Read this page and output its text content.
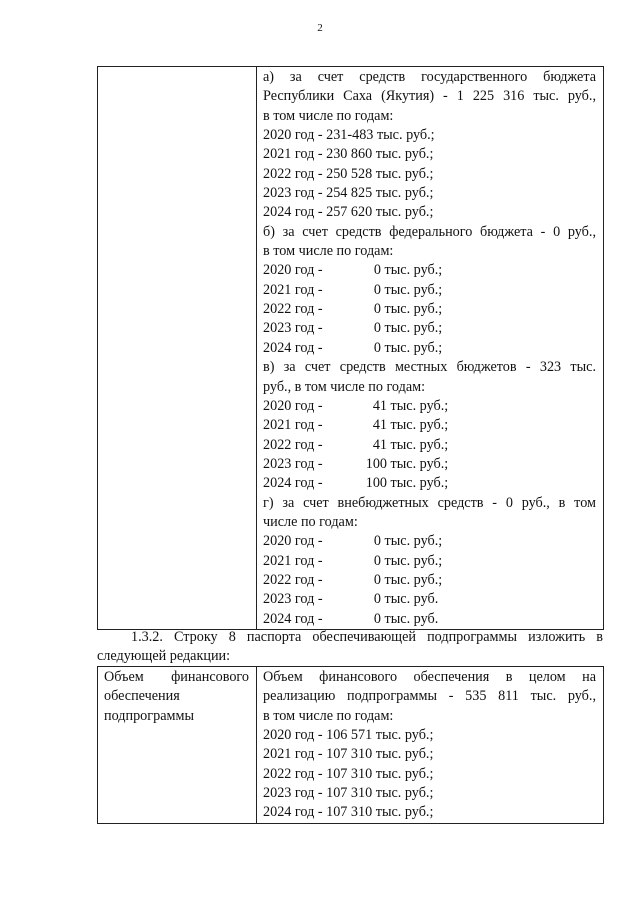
2

а) за счет средств государственного бюджета
Республики Саха (Якутия) - 1 225 316 тыс. руб.,
в том числе по годам:
2020 год - 231-483 тыс. руб.;
2021 год - 230 860 тыс. руб.;
2022 год - 250 528 тыс. руб.;
2023 год - 254 825 тыс. руб.;
2024 год - 257 620 тыс. руб.;
б) за счет средств федерального бюджета - 0 руб.,
в том числе по годам:
2020 год -	0 тыс. руб.;
2021 год -	0 тыс. руб.;
2022 год -	0 тыс. руб.;
2023 год -	0 тыс. руб.;
2024 год -	0 тыс. руб.;
в) за счет средств местных бюджетов - 323 тыс.
руб., в том числе по годам:
2020 год -	41 тыс. руб.;
2021 год -	41 тыс. руб.;
2022 год -	41 тыс. руб.;
2023 год -	100 тыс. руб.;
2024 год -	100 тыс. руб.;
г) за счет внебюджетных средств - 0 руб., в том
числе по годам:
2020 год -	0 тыс. руб.;
2021 год -	0 тыс. руб.;
2022 год -	0 тыс. руб.;
2023 год -	0 тыс. руб.
2024 год -	0 тыс. руб.
1.3.2. Строку 8 паспорта обеспечивающей подпрограммы изложить в
следующей редакции:
Объем финансового
обеспечения
подпрограммы

Объем финансового обеспечения в целом на
реализацию подпрограммы - 535 811 тыс. руб.,
в том числе по годам:
2020 год - 106 571 тыс. руб.;
2021 год - 107 310 тыс. руб.;
2022 год - 107 310 тыс. руб.;
2023 год - 107 310 тыс. руб.;
2024 год - 107 310 тыс. руб.;
